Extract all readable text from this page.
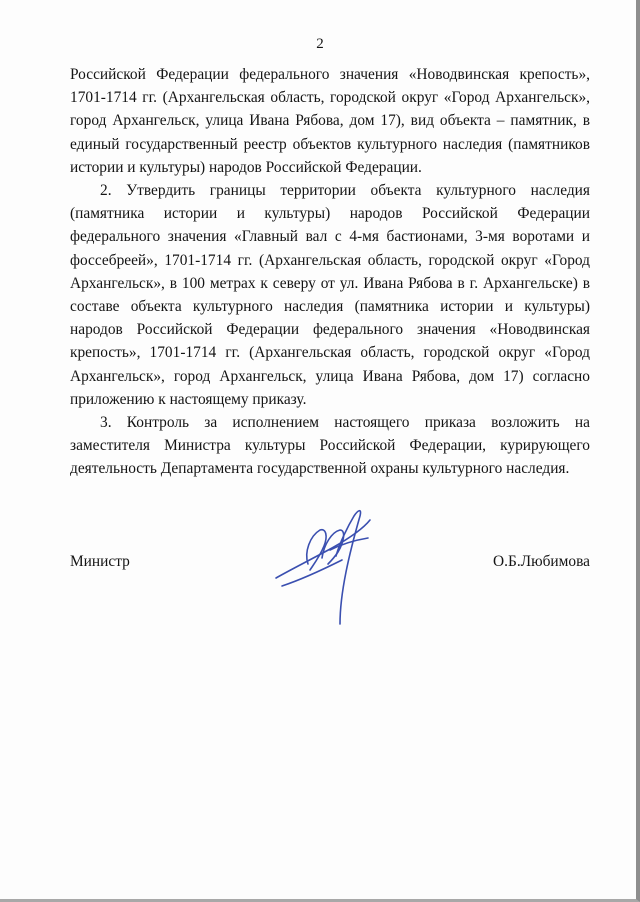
2

Российской Федерации федерального значения «Новодвинская крепость», 1701-1714 гг. (Архангельская область, городской округ «Город Архангельск», город Архангельск, улица Ивана Рябова, дом 17), вид объекта – памятник, в единый государственный реестр объектов культурного наследия (памятников истории и культуры) народов Российской Федерации.

2. Утвердить границы территории объекта культурного наследия (памятника истории и культуры) народов Российской Федерации федерального значения «Главный вал с 4-мя бастионами, 3-мя воротами и фоссебреей», 1701-1714 гг. (Архангельская область, городской округ «Город Архангельск», в 100 метрах к северу от ул. Ивана Рябова в г. Архангельске) в составе объекта культурного наследия (памятника истории и культуры) народов Российской Федерации федерального значения «Новодвинская крепость», 1701-1714 гг. (Архангельская область, городской округ «Город Архангельск», город Архангельск, улица Ивана Рябова, дом 17) согласно приложению к настоящему приказу.

3. Контроль за исполнением настоящего приказа возложить на заместителя Министра культуры Российской Федерации, курирующего деятельность Департамента государственной охраны культурного наследия.

Министр	О.Б.Любимова
